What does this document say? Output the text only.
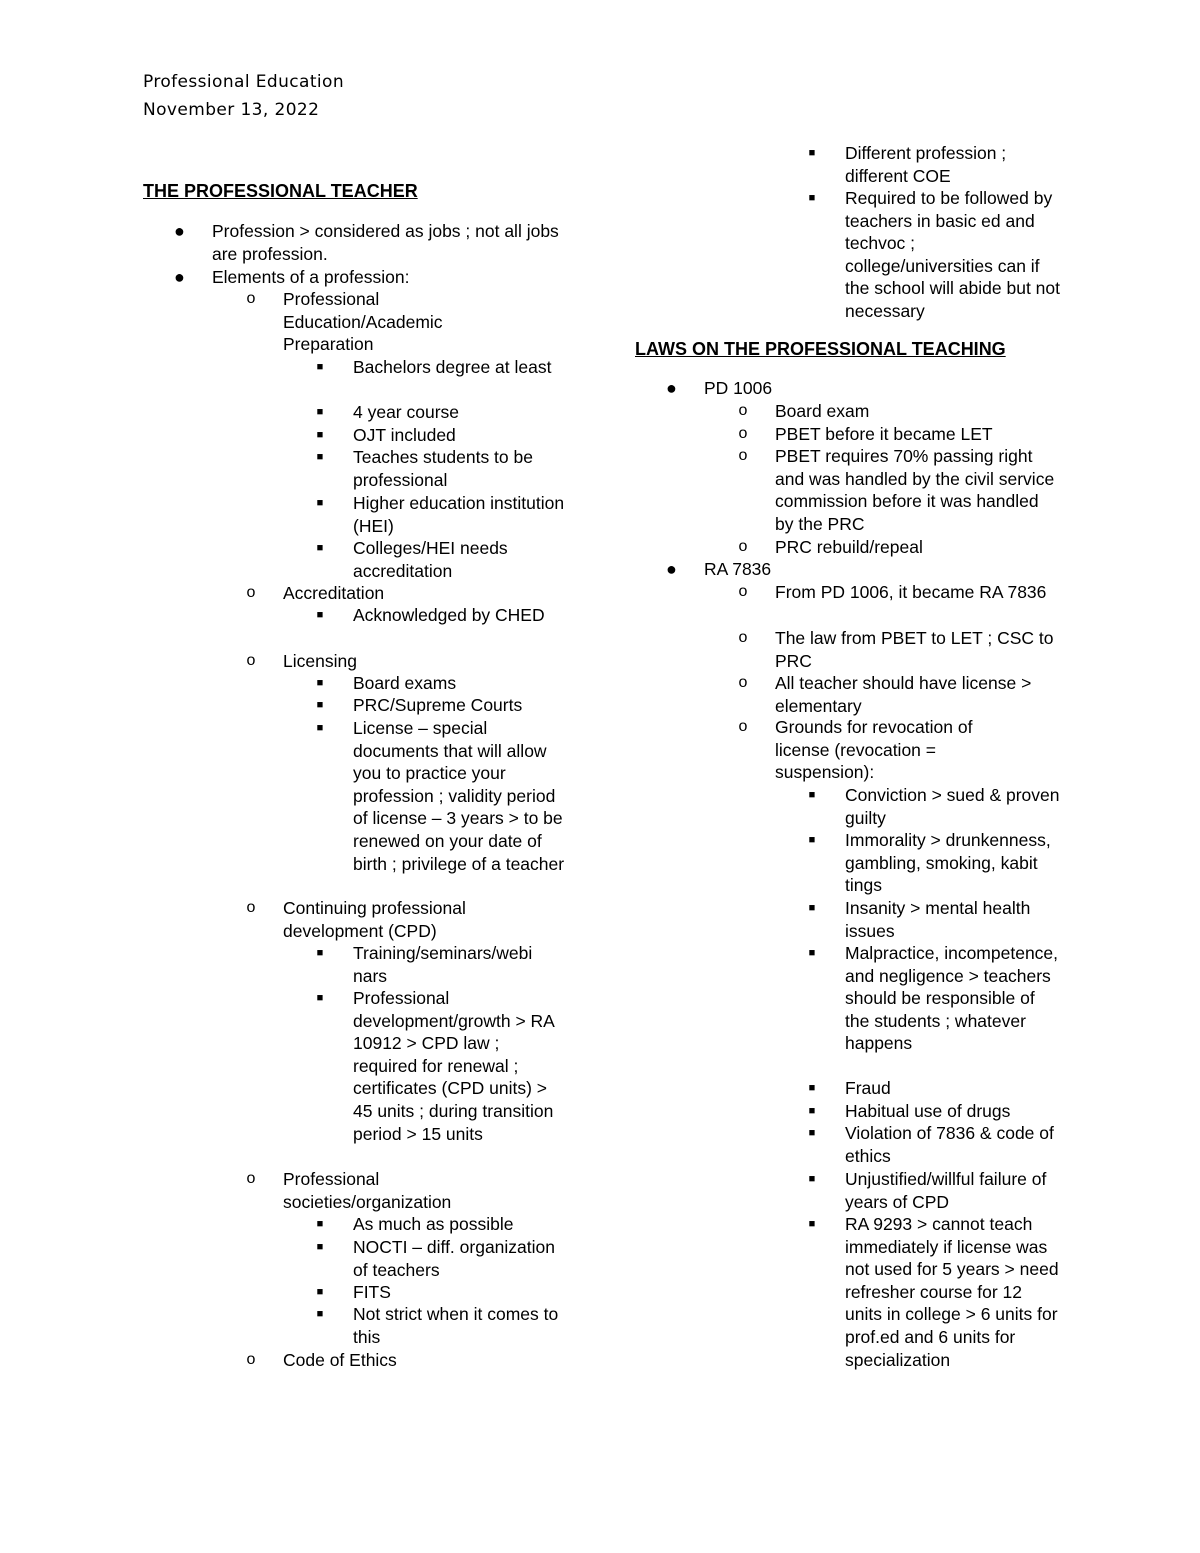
Professional Education

November 13, 2022

THE PROFESSIONAL TEACHER
● Profession > considered as jobs ; not all jobs are profession.
● Elements of a profession:
o Professional Education/Academic Preparation
■ Bachelors degree at least
■ 4 year course
■ OJT included
■ Teaches students to be professional
■ Higher education institution (HEI)
■ Colleges/HEI needs accreditation
o Accreditation
■ Acknowledged by CHED
o Licensing
■ Board exams
■ PRC/Supreme Courts
■ License – special documents that will allow you to practice your profession ; validity period of license – 3 years > to be renewed on your date of birth ; privilege of a teacher
o Continuing professional development (CPD)
■ Training/seminars/webi nars
■ Professional development/growth > RA 10912 > CPD law ; required for renewal ; certificates (CPD units) > 45 units ; during transition period > 15 units
o Professional societies/organization
■ As much as possible
■ NOCTI – diff. organization of teachers
■ FITS
■ Not strict when it comes to this
o Code of Ethics
■ Different profession ; different COE
■ Required to be followed by teachers in basic ed and techvoc ; college/universities can if the school will abide but not necessary
LAWS ON THE PROFESSIONAL TEACHING
● PD 1006
o Board exam
o PBET before it became LET
o PBET requires 70% passing right and was handled by the civil service commission before it was handled by the PRC
o PRC rebuild/repeal
● RA 7836
o From PD 1006, it became RA 7836
o The law from PBET to LET ; CSC to PRC
o All teacher should have license > elementary
o Grounds for revocation of license (revocation = suspension):
■ Conviction > sued & proven guilty
■ Immorality > drunkenness, gambling, smoking, kabit tings
■ Insanity > mental health issues
■ Malpractice, incompetence, and negligence > teachers should be responsible of the students ; whatever happens
■ Fraud
■ Habitual use of drugs
■ Violation of 7836 & code of ethics
■ Unjustified/willful failure of years of CPD
■ RA 9293 > cannot teach immediately if license was not used for 5 years > need refresher course for 12 units in college > 6 units for prof.ed and 6 units for specialization
